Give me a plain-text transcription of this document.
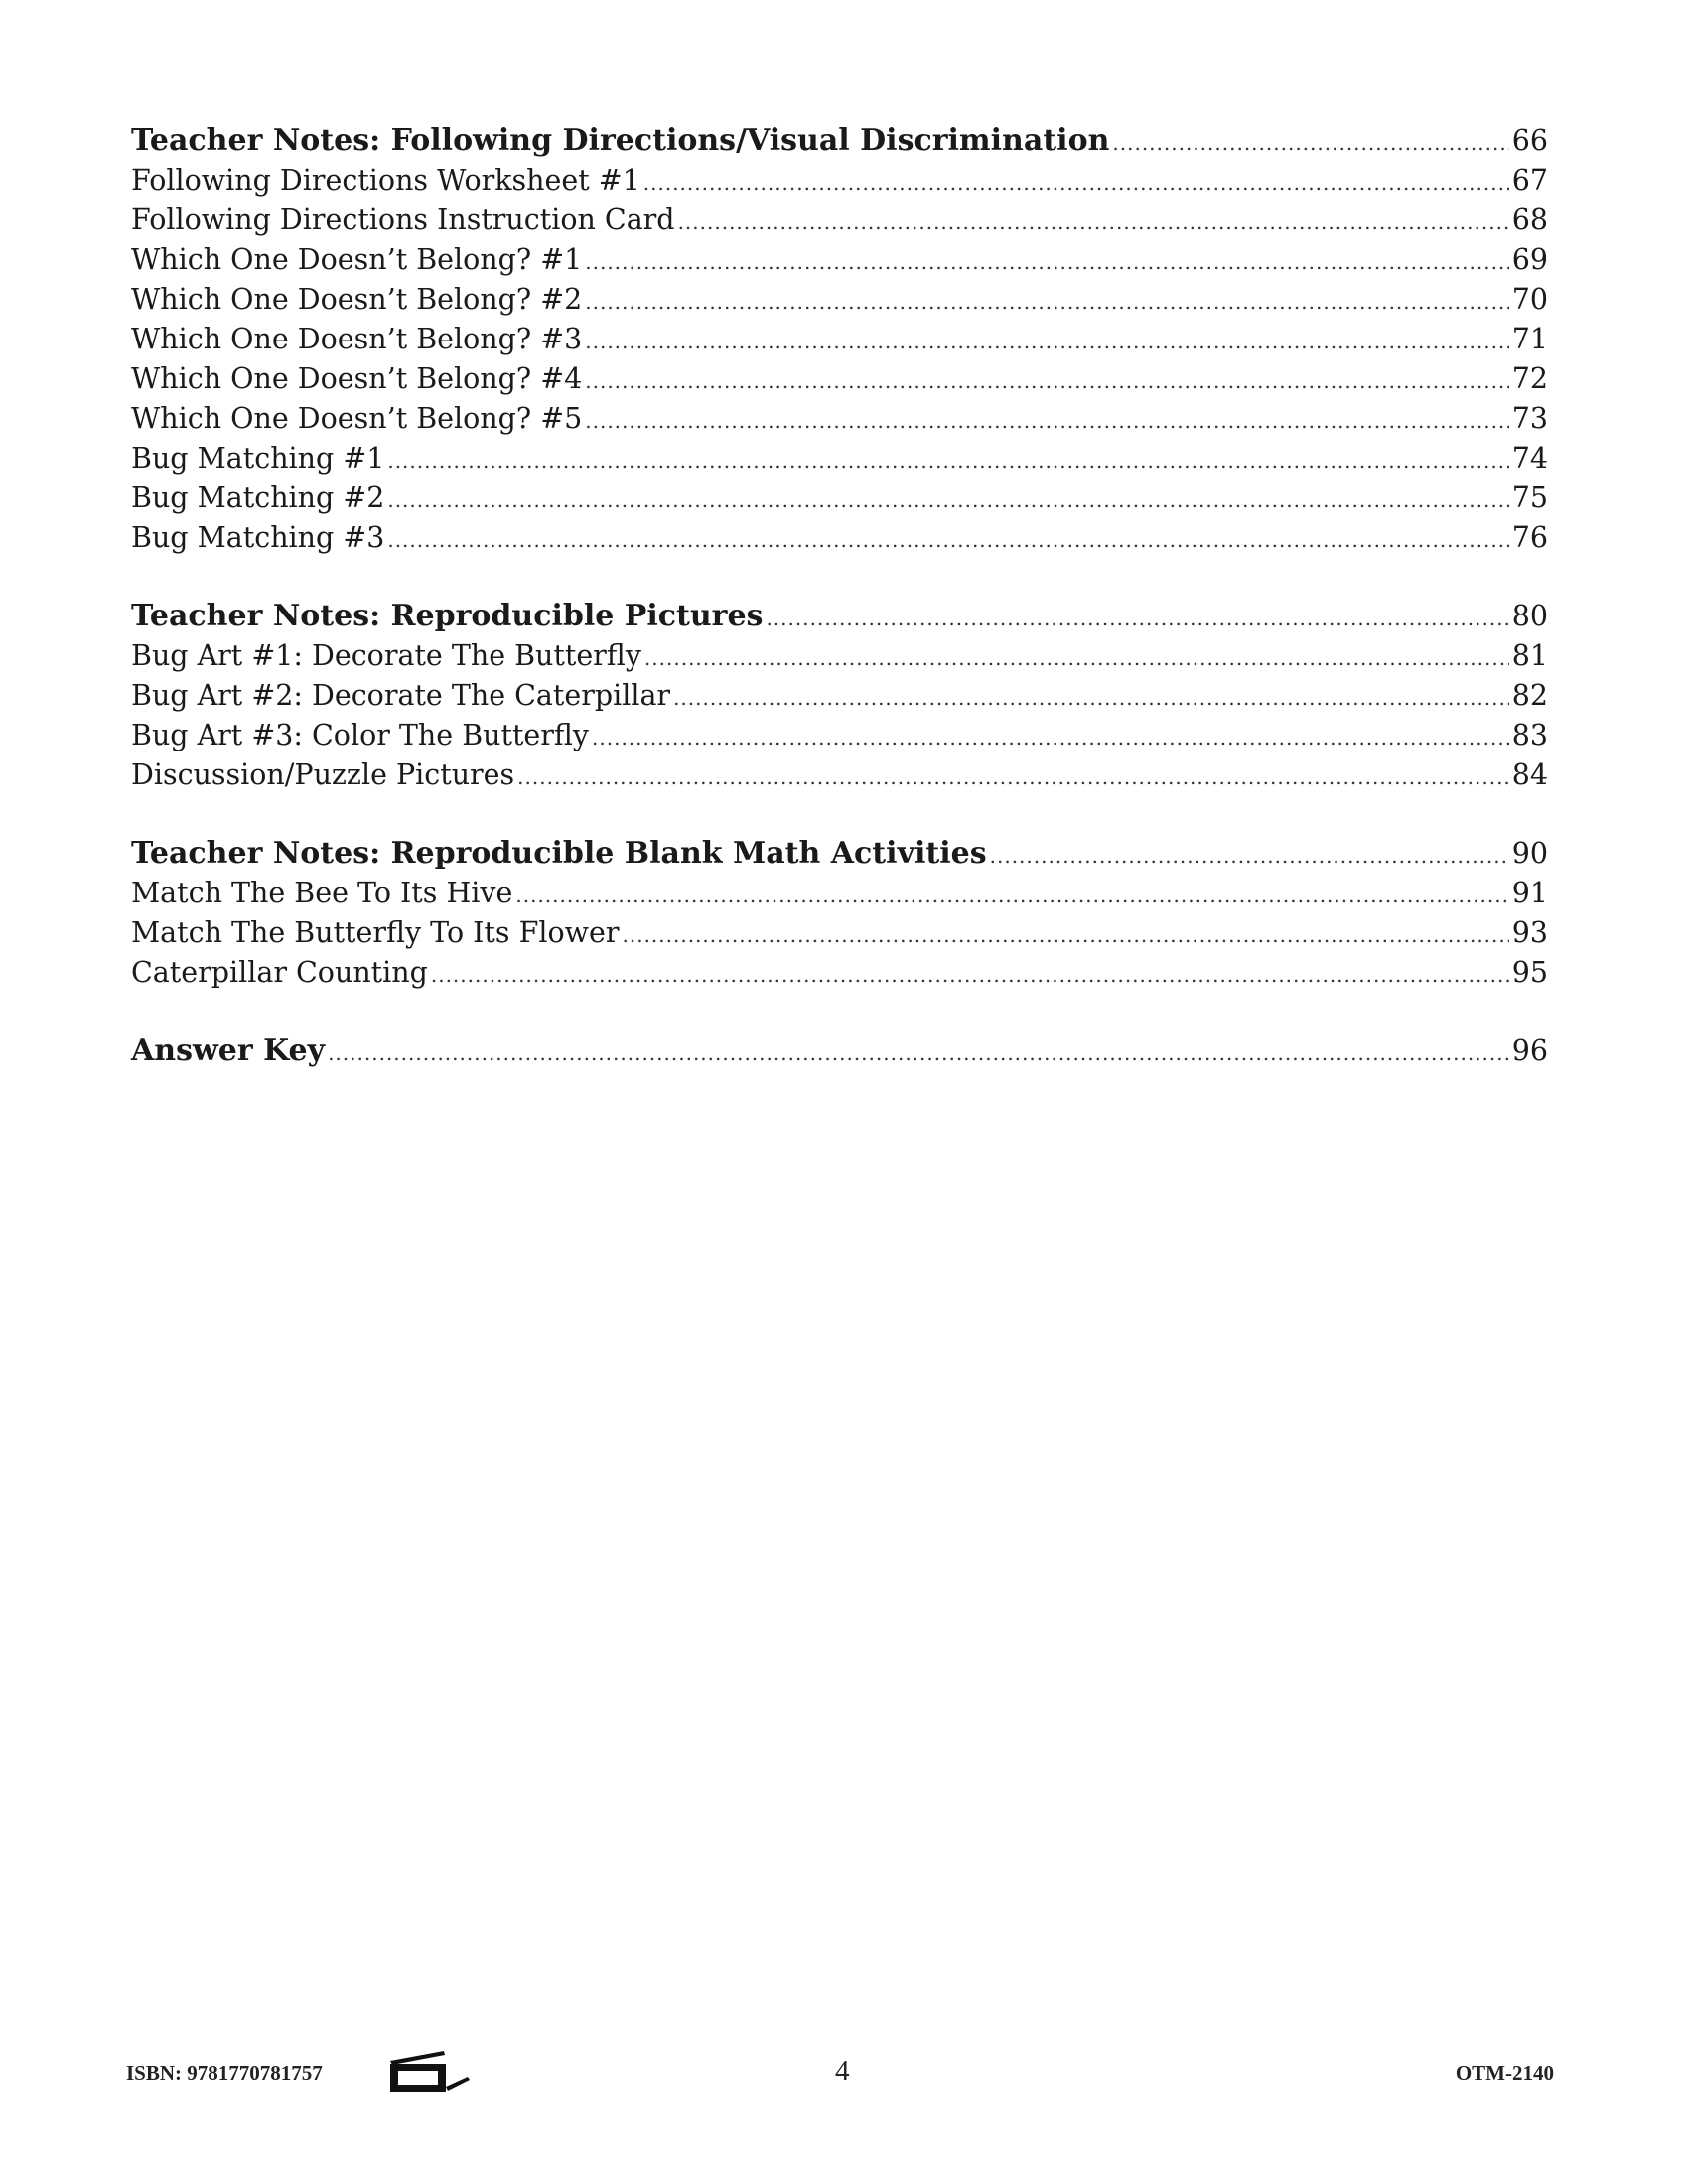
Teacher Notes: Following Directions/Visual Discrimination .....	66
Following Directions Worksheet #1 .....	67
Following Directions Instruction Card .....	68
Which One Doesn’t Belong? #1 .....	69
Which One Doesn’t Belong? #2 .....	70
Which One Doesn’t Belong? #3 .....	71
Which One Doesn’t Belong? #4 .....	72
Which One Doesn’t Belong? #5 .....	73
Bug Matching #1 .....	74
Bug Matching #2 .....	75
Bug Matching #3 .....	76
Teacher Notes: Reproducible Pictures .....	80
Bug Art #1: Decorate The Butterfly .....	81
Bug Art #2: Decorate The Caterpillar .....	82
Bug Art #3: Color The Butterfly .....	83
Discussion/Puzzle Pictures .....	84
Teacher Notes: Reproducible Blank Math Activities .....	90
Match The Bee To Its Hive .....	91
Match The Butterfly To Its Flower .....	93
Caterpillar Counting .....	95
Answer Key .....	96
ISBN: 9781770781757	4	OTM-2140
